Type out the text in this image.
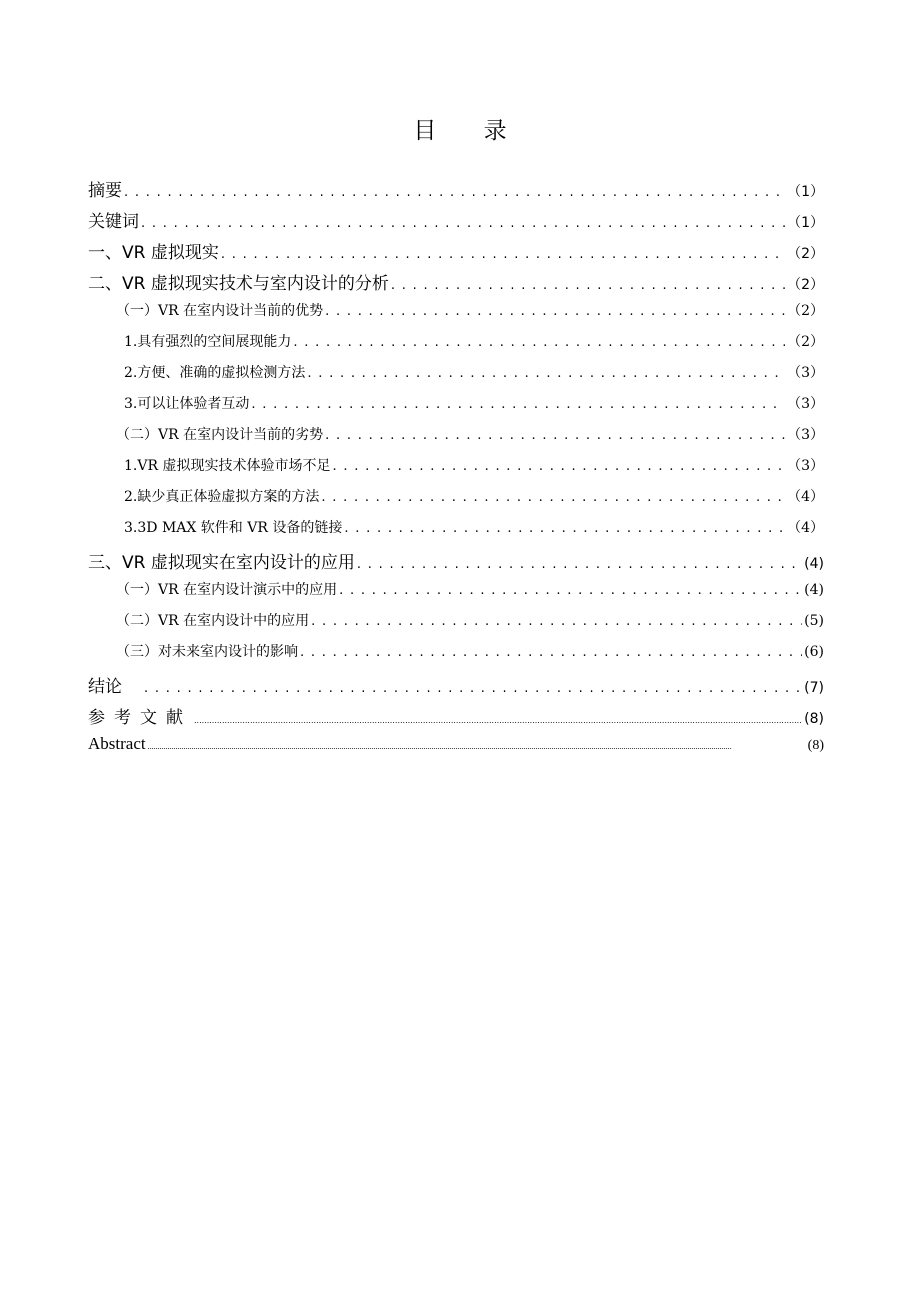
目 录
摘要 . . .	（1）
关键词 . . .	（1）
一、VR 虚拟现实 . . .	（2）
二、VR 虚拟现实技术与室内设计的分析 . . .	（2）
（一）VR 在室内设计当前的优势 . . .	（2）
1.具有强烈的空间展现能力 . . .	（2）
2.方便、准确的虚拟检测方法 . . .	（3）
3.可以让体验者互动 . . .	（3）
（二）VR 在室内设计当前的劣势 . . .	（3）
1.VR 虚拟现实技术体验市场不足 . . .	（3）
2.缺少真正体验虚拟方案的方法 . . .	（4）
3.3D MAX 软件和 VR 设备的链接 . . .	（4）
三、VR 虚拟现实在室内设计的应用 . . .	(4)
（一）VR 在室内设计演示中的应用 . . .	(4)
（二）VR 在室内设计中的应用 . . .	(5)
（三）对未来室内设计的影响 . . .	(6)
结论 . . .	(7)
参考文献 .....	(8)
Abstract .....	(8)
